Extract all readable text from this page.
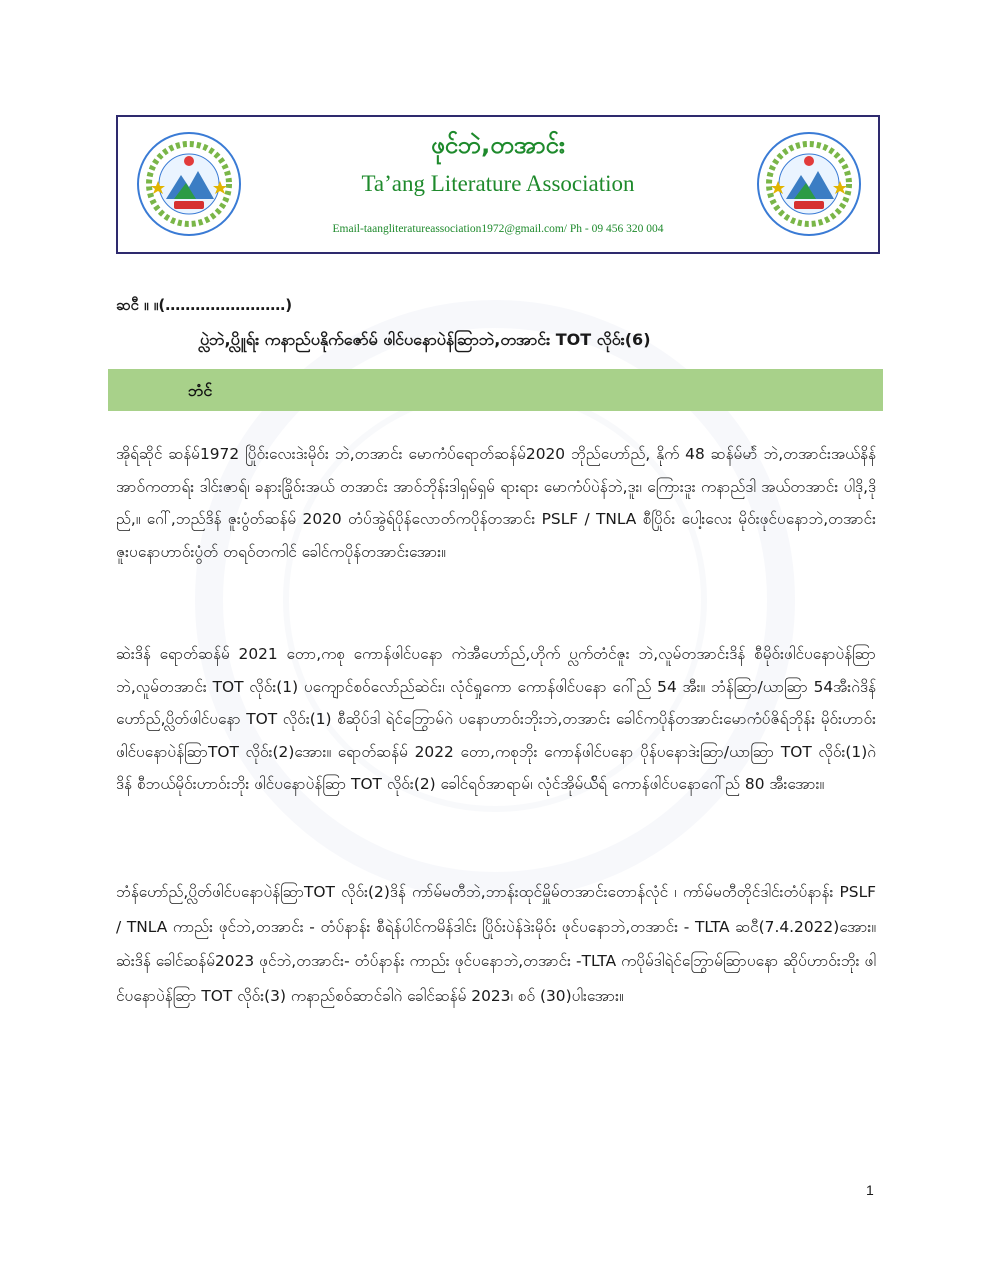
ဖုင်ဘဲ,တအာင်း
Ta’ang Literature Association
Email-taangliteratureassociation1972@gmail.com/ Ph - 09 456 320 004
ဆငီ ။ ။(……………………)
ပ္လဲဘဲ,ပ္လိူရ်း ကနာည်ပနိုက်ဇော်မ် ဖါင်ပနောပဲန်ဆြာဘဲ,တအာင်း TOT လိုဝ်း(6)
ဘံင်
အိုရ်ဆိုင် ဆန်မ်1972 ပြိုဝ်းလေးဒဲးမိုဝ်း ဘဲ,တအာင်း မောကံပ်ရောတ်ဆန်မ်2020 ဘိုည်ဟော်ည်, နိုက် 48 ဆန်မ်မာ်ဲ ဘဲ,တအာင်းအယ်နိန် အာဝ်ကတာရ်း ဒါင်းဇာရ်၊ ခနားခြိုဝ်းအယ် တအာင်း အာဝ်ဘိုန်းဒါရှမ်ရှမ် ရားရား မောကံပ်ပဲန်ဘဲ,ဒူး၊ ကြေားဒူး ကနာည်ဒါ အယ်တအာင်း ပါဒို,ဒိုည်,။ ဂေါ်,ဘည်ဒိန် ဇူးပွံတ်ဆန်မ် 2020 တံပ်အွဲရ်ပိုန်လောတ်ကပိုန်တအာင်း PSLF / TNLA စီပြိုဝ်း ပေါ့းလေး မိုဝ်းဖုင်ပနောဘဲ,တအာင်း ဇူးပနောဟာဝ်းပွံတ် တရဝ်တကါင် ခေါင်ကပိုန်တအာင်းအေား။
ဆဲးဒိန် ရောတ်ဆန်မ် 2021 တော,ကစု ကောန်ဖါင်ပနော ကဲအီဟော်ည်,ဟိုက် ပ္လက်တံင်ဇူး ဘဲ,လူမ်တအာင်းဒိန် စီမိုဝ်းဖါင်ပနောပဲန်ဆြာဘဲ,လူမ်တအာင်း TOT လိုဝ်း(1) ပကျောင်စဝ်လော်ည်ဆဲင်း၊ လုံင်ရှုကော ကောန်ဖါင်ပနော ဂေါ်ည် 54 အီး။ ဘံန်ဆြာ/ယာဆြာ 54အီးဂဲဒိန် ဟော်ည်,ပ္လိတ်ဖါင်ပနော TOT လိုဝ်း(1) စီဆိုပ်ဒါ ရဲင်ဘြွောမ်ဂဲ ပနောဟာဝ်းဘိုးဘဲ,တအာင်း ခေါင်ကပိုန်တအာင်းမောကံပ်ဇိရ်ဘိုန်း မိုဝ်းဟာဝ်း ဖါင်ပနောပဲန်ဆြာTOT လိုဝ်း(2)အေား။ ရောတ်ဆန်မ် 2022 တော,ကစုဘိုး ကောန်ဖါင်ပနော ပိုန်ပနောဒဲးဆြာ/ယာဆြာ TOT လိုဝ်း(1)ဂဲဒိန် စီဘယ်မိုဝ်းဟာဝ်းဘိုး ဖါင်ပနောပဲန်ဆြာ TOT လိုဝ်း(2) ခေါင်ရဝ်အာရာမ်၊ လုံင်အိုမ်ယ်ိရ် ကောန်ဖါင်ပနောဂေါ်ည် 80 အီးအေား။
ဘံန်ဟော်ည်,ပ္လိတ်ဖါင်ပနောပဲန်ဆြာTOT လိုဝ်း(2)ဒိန် ကာ်မ်မတီဘဲ,ဘာန်းထုင်မှိူမ်တအာင်းတောန်လုံင် ၊ ကာ်မ်မတီတိုင်ဒါင်းတံပ်နာန်း PSLF / TNLA ကာည်း ဖုင်ဘဲ,တအာင်း - တံပ်နာန်း စီရဲန်ပါင်ကမိန်ဒါင်း ပြိုဝ်းပဲန်ဒဲးမိုဝ်း ဖုင်ပနောဘဲ,တအာင်း - TLTA ဆငီ(7.4.2022)အေား။ ဆဲးဒိန် ခေါင်ဆန်မ်2023 ဖုင်ဘဲ,တအာင်း- တံပ်နာန်း ကာည်း ဖုင်ပနောဘဲ,တအာင်း -TLTA ကပိုမ်ဒါရဲင်ဘြွောမ်ဆြာပနော ဆိုပ်ဟာဝ်းဘိုး ဖါင်ပနောပဲန်ဆြာ TOT လိုဝ်း(3) ကနာည်စဝ်ဆာင်ခါဂဲ ခေါင်ဆန်မ် 2023၊ စဝ် (30)ပါးအေား။
1
